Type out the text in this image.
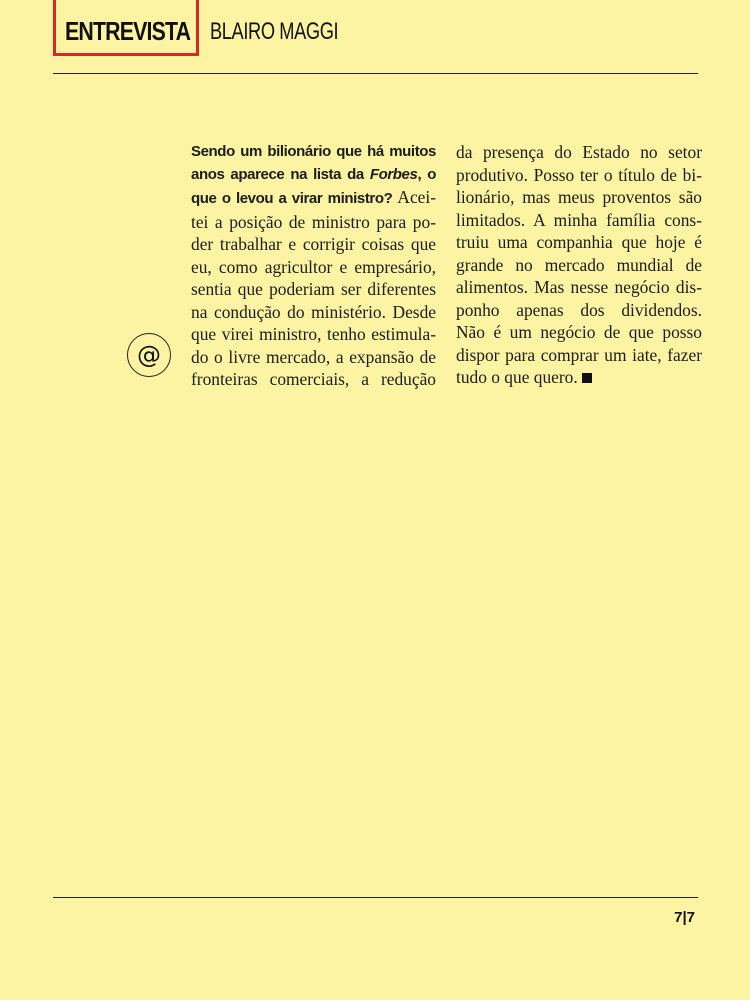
ENTREVISTA BLAIRO MAGGI
@
Sendo um bilionário que há muitos
anos aparece na lista da Forbes, o
que o levou a virar ministro? Acei-
tei a posição de ministro para po-
der trabalhar e corrigir coisas que
eu, como agricultor e empresário,
sentia que poderiam ser diferentes
na condução do ministério. Desde
que virei ministro, tenho estimula-
do o livre mercado, a expansão de
fronteiras comerciais, a redução
da presença do Estado no setor
produtivo. Posso ter o título de bi-
lionário, mas meus proventos são
limitados. A minha família cons-
truiu uma companhia que hoje é
grande no mercado mundial de
alimentos. Mas nesse negócio dis-
ponho apenas dos dividendos.
Não é um negócio de que posso
dispor para comprar um iate, fazer
tudo o que quero.
7|7
